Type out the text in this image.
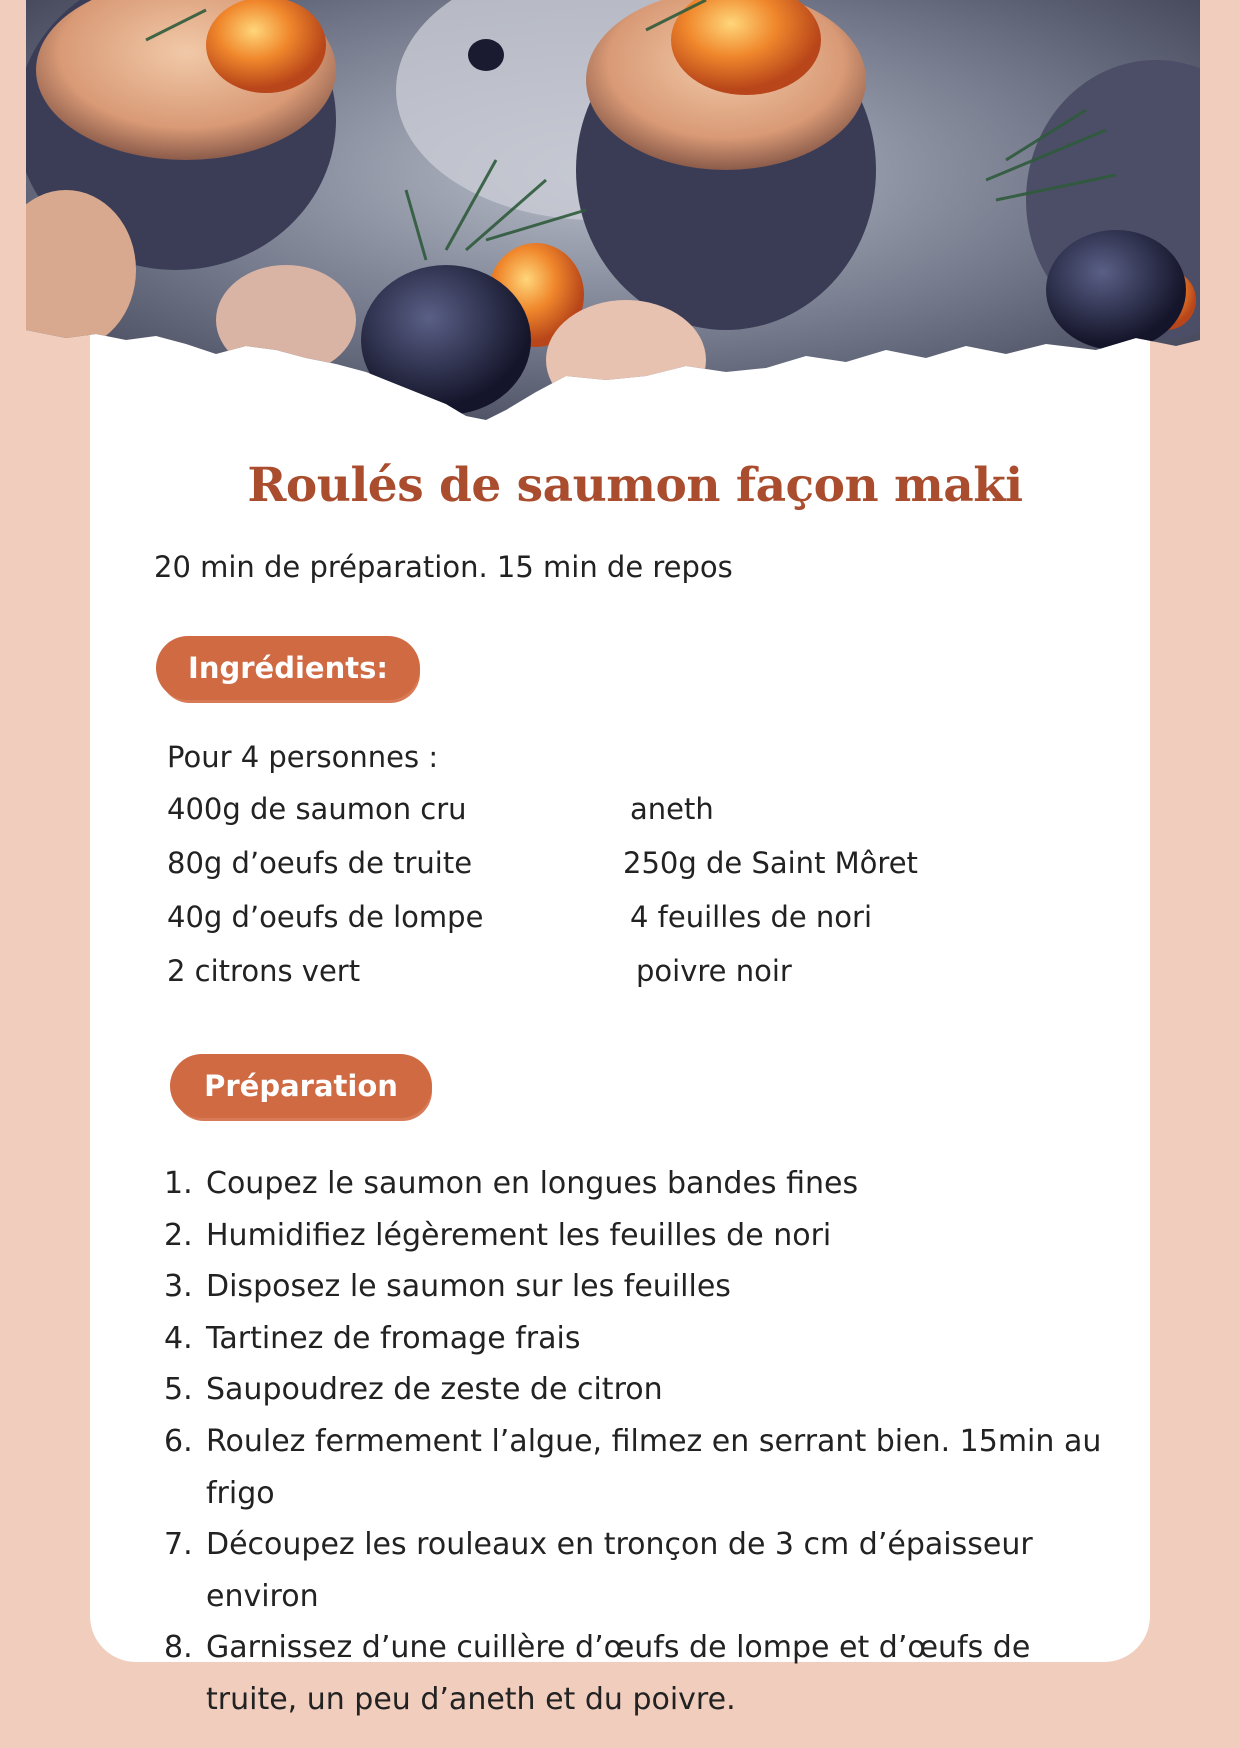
Roulés de saumon façon maki
20 min de préparation. 15 min de repos
Ingrédients:
Pour 4 personnes :
400g de saumon cru
80g d’oeufs de truite
40g d’oeufs de lompe
2 citrons vert
aneth
250g de Saint Môret
4 feuilles de nori
poivre noir
Préparation
1. Coupez le saumon en longues bandes fines
2. Humidifiez légèrement les feuilles de nori
3. Disposez le saumon sur les feuilles
4. Tartinez de fromage frais
5. Saupoudrez de zeste de citron
6. Roulez fermement l’algue, filmez en serrant bien. 15min au frigo
7. Découpez les rouleaux en tronçon de 3 cm d’épaisseur environ
8. Garnissez d’une cuillère d’œufs de lompe et d’œufs de truite, un peu d’aneth et du poivre.
